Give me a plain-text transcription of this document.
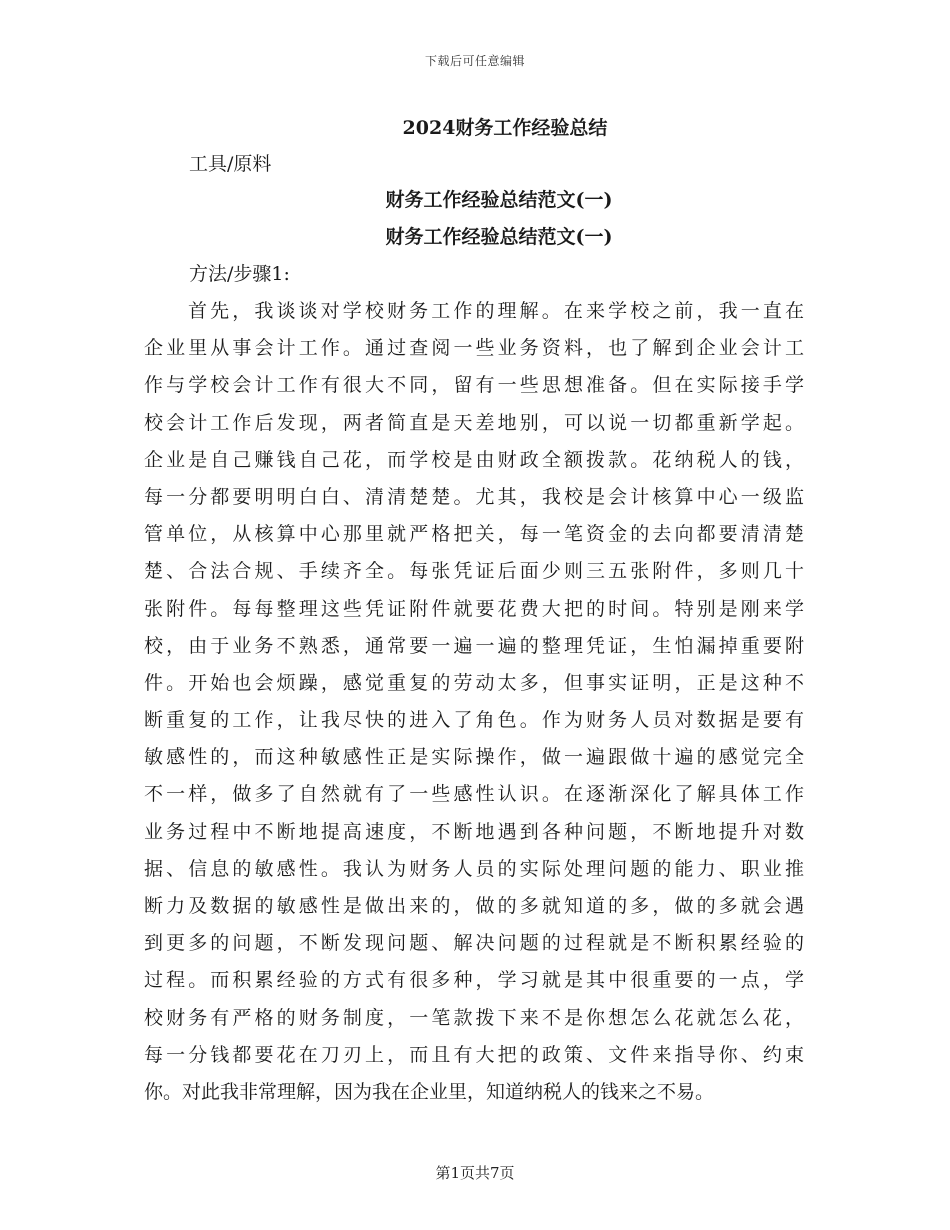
下载后可任意编辑
2024财务工作经验总结
工具/原料
财务工作经验总结范文(一)
财务工作经验总结范文(一)
方法/步骤1:
首先，我谈谈对学校财务工作的理解。在来学校之前，我一直在
企业里从事会计工作。通过查阅一些业务资料，也了解到企业会计工
作与学校会计工作有很大不同，留有一些思想准备。但在实际接手学
校会计工作后发现，两者简直是天差地别，可以说一切都重新学起。
企业是自己赚钱自己花，而学校是由财政全额拨款。花纳税人的钱，
每一分都要明明白白、清清楚楚。尤其，我校是会计核算中心一级监
管单位，从核算中心那里就严格把关，每一笔资金的去向都要清清楚
楚、合法合规、手续齐全。每张凭证后面少则三五张附件，多则几十
张附件。每每整理这些凭证附件就要花费大把的时间。特别是刚来学
校，由于业务不熟悉，通常要一遍一遍的整理凭证，生怕漏掉重要附
件。开始也会烦躁，感觉重复的劳动太多，但事实证明，正是这种不
断重复的工作，让我尽快的进入了角色。作为财务人员对数据是要有
敏感性的，而这种敏感性正是实际操作，做一遍跟做十遍的感觉完全
不一样，做多了自然就有了一些感性认识。在逐渐深化了解具体工作
业务过程中不断地提高速度，不断地遇到各种问题，不断地提升对数
据、信息的敏感性。我认为财务人员的实际处理问题的能力、职业推
断力及数据的敏感性是做出来的，做的多就知道的多，做的多就会遇
到更多的问题，不断发现问题、解决问题的过程就是不断积累经验的
过程。而积累经验的方式有很多种，学习就是其中很重要的一点，学
校财务有严格的财务制度，一笔款拨下来不是你想怎么花就怎么花，
每一分钱都要花在刀刃上，而且有大把的政策、文件来指导你、约束
你。对此我非常理解，因为我在企业里，知道纳税人的钱来之不易。
第1页共7页
